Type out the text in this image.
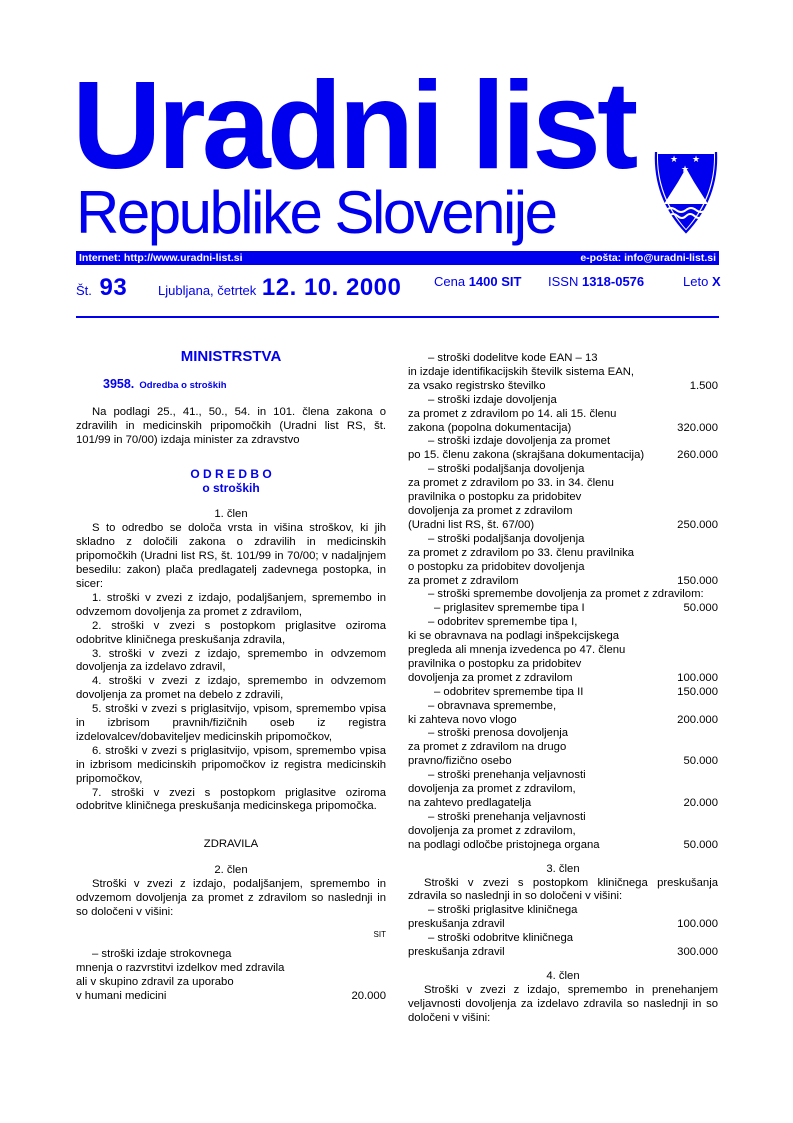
Uradni list
Republike Slovenije
★ ★
★
Internet: http://www.uradni-list.si	e-pošta: info@uradni-list.si
Št. 93 Ljubljana, četrtek 12. 10. 2000	Cena 1400 SIT ISSN 1318-0576	Leto X

MINISTRSTVA

3958. Odredba o stroških

Na podlagi 25., 41., 50., 54. in 101. člena zakona o zdravilih in medicinskih pripomočkih (Uradni list RS, št. 101/99 in 70/00) izdaja minister za zdravstvo

O D R E D B O

o stroških

1. člen

S to odredbo se določa vrsta in višina stroškov, ki jih skladno z določili zakona o zdravilih in medicinskih pripomočkih (Uradni list RS, št. 101/99 in 70/00; v nadaljnjem besedilu: zakon) plača predlagatelj zadevnega postopka, in sicer:

1. stroški v zvezi z izdajo, podaljšanjem, spremembo in odvzemom dovoljenja za promet z zdravilom,

2. stroški v zvezi s postopkom priglasitve oziroma odobritve kliničnega preskušanja zdravila,

3. stroški v zvezi z izdajo, spremembo in odvzemom dovoljenja za izdelavo zdravil,

4. stroški v zvezi z izdajo, spremembo in odvzemom dovoljenja za promet na debelo z zdravili,

5. stroški v zvezi s priglasitvijo, vpisom, spremembo vpisa in izbrisom pravnih/fizičnih oseb iz registra izdelovalcev/dobaviteljev medicinskih pripomočkov,

6. stroški v zvezi s priglasitvijo, vpisom, spremembo vpisa in izbrisom medicinskih pripomočkov iz registra medicinskih pripomočkov,

7. stroški v zvezi s postopkom priglasitve oziroma odobritve kliničnega preskušanja medicinskega pripomočka.

ZDRAVILA

2. člen

Stroški v zvezi z izdajo, podaljšanjem, spremembo in odvzemom dovoljenja za promet z zdravilom so naslednji in so določeni v višini:

SIT

– stroški izdaje strokovnega

mnenja o razvrstitvi izdelkov med zdravila

ali v skupino zdravil za uporabo

v humani medicini	20.000

– stroški dodelitve kode EAN – 13

in izdaje identifikacijskih številk sistema EAN,

za vsako registrsko številko	1.500

– stroški izdaje dovoljenja

za promet z zdravilom po 14. ali 15. členu

zakona (popolna dokumentacija)	320.000

– stroški izdaje dovoljenja za promet

po 15. členu zakona (skrajšana dokumentacija)	260.000

– stroški podaljšanja dovoljenja

za promet z zdravilom po 33. in 34. členu

pravilnika o postopku za pridobitev

dovoljenja za promet z zdravilom

(Uradni list RS, št. 67/00)	250.000

– stroški podaljšanja dovoljenja

za promet z zdravilom po 33. členu pravilnika

o postopku za pridobitev dovoljenja

za promet z zdravilom	150.000

– stroški spremembe dovoljenja za promet z zdravilom:

– priglasitev spremembe tipa I	50.000

– odobritev spremembe tipa I,

ki se obravnava na podlagi inšpekcijskega

pregleda ali mnenja izvedenca po 47. členu

pravilnika o postopku za pridobitev

dovoljenja za promet z zdravilom	100.000

– odobritev spremembe tipa II	150.000

– obravnava spremembe,

ki zahteva novo vlogo	200.000

– stroški prenosa dovoljenja

za promet z zdravilom na drugo

pravno/fizično osebo	50.000

– stroški prenehanja veljavnosti

dovoljenja za promet z zdravilom,

na zahtevo predlagatelja	20.000

– stroški prenehanja veljavnosti

dovoljenja za promet z zdravilom,

na podlagi odločbe pristojnega organa	50.000

3. člen

Stroški v zvezi s postopkom kliničnega preskušanja zdravila so naslednji in so določeni v višini:

– stroški priglasitve kliničnega

preskušanja zdravil	100.000

– stroški odobritve kliničnega

preskušanja zdravil	300.000

4. člen

Stroški v zvezi z izdajo, spremembo in prenehanjem veljavnosti dovoljenja za izdelavo zdravila so naslednji in so določeni v višini:
